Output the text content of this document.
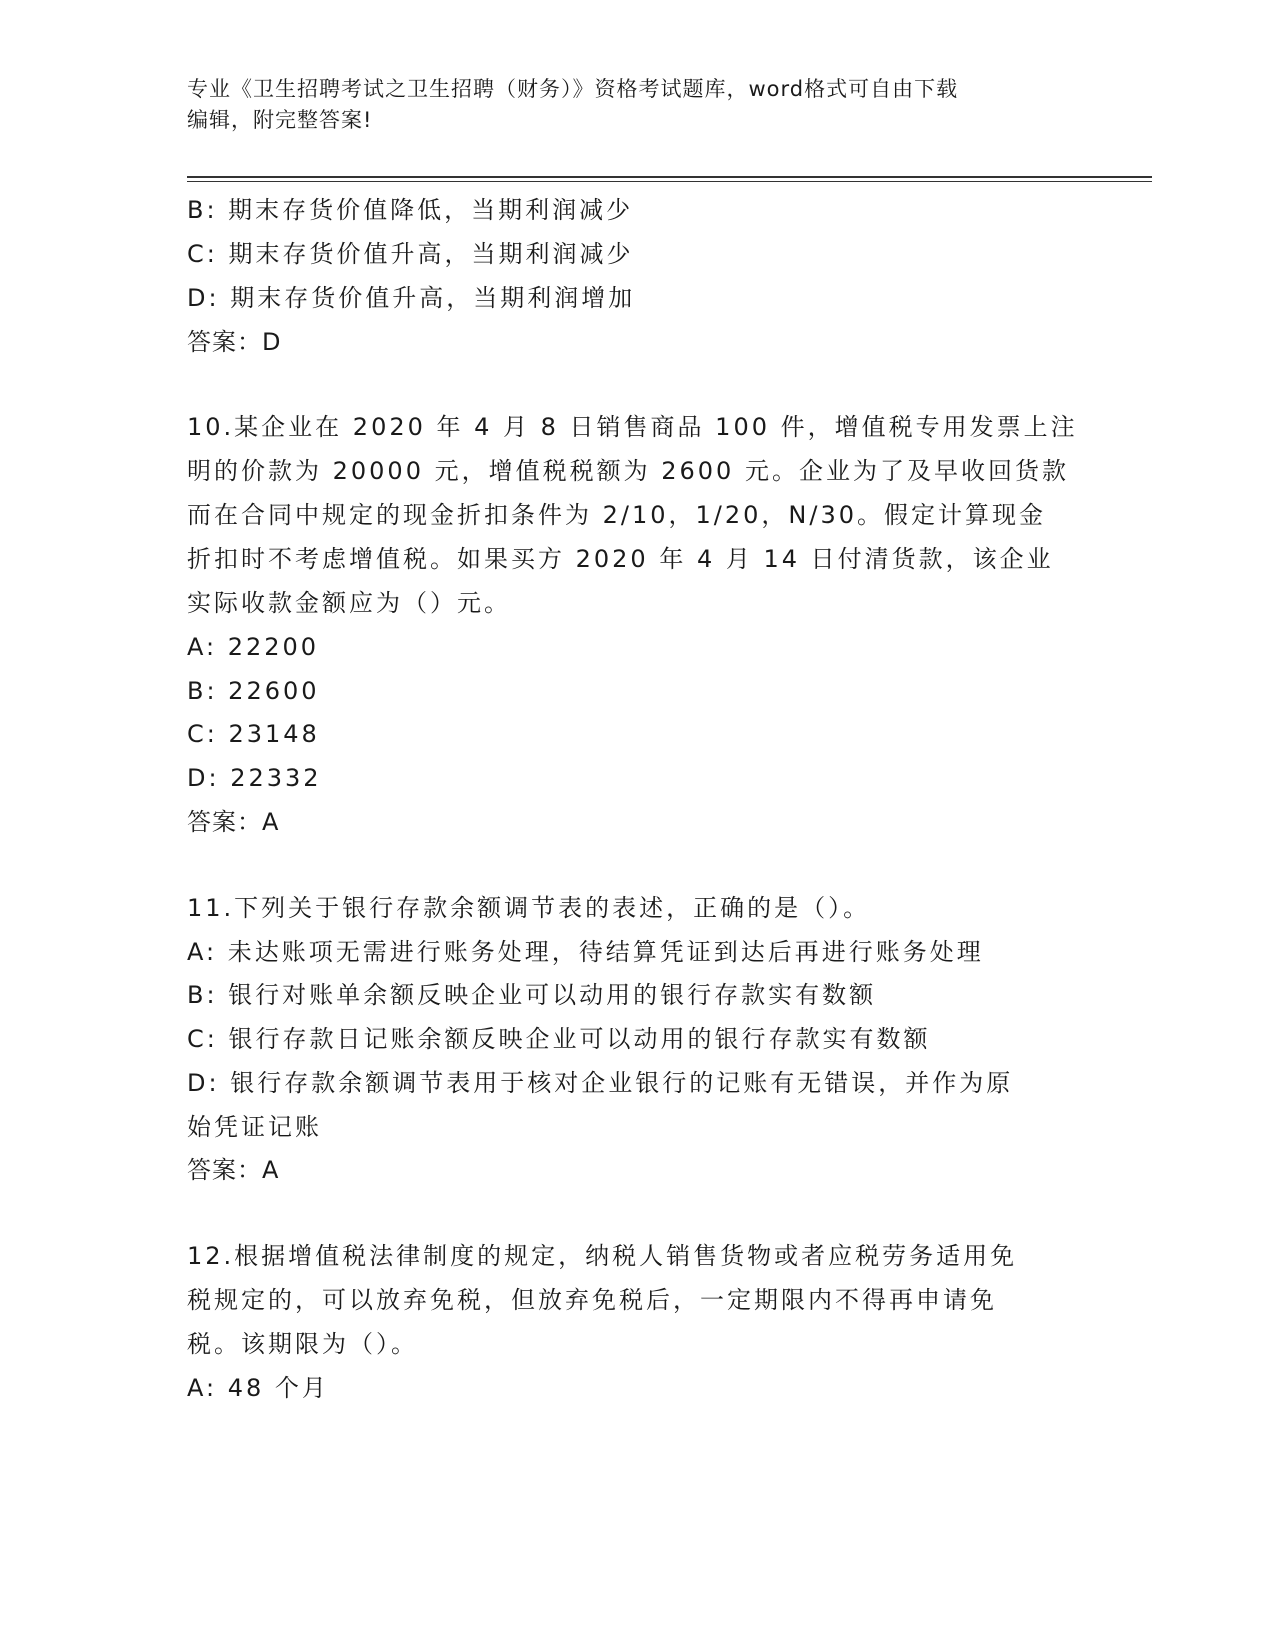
专业《卫生招聘考试之卫生招聘（财务）》资格考试题库，word格式可自由下载
编辑，附完整答案!
B: 期末存货价值降低，当期利润减少
C: 期末存货价值升高，当期利润减少
D: 期末存货价值升高，当期利润增加
答案：D
10.某企业在 2020 年 4 月 8 日销售商品 100 件，增值税专用发票上注
明的价款为 20000 元，增值税税额为 2600 元。企业为了及早收回货款
而在合同中规定的现金折扣条件为 2/10，1/20，N/30。假定计算现金
折扣时不考虑增值税。如果买方 2020 年 4 月 14 日付清货款，该企业
实际收款金额应为（）元。
A: 22200
B: 22600
C: 23148
D: 22332
答案：A
11.下列关于银行存款余额调节表的表述，正确的是（）。
A: 未达账项无需进行账务处理，待结算凭证到达后再进行账务处理
B: 银行对账单余额反映企业可以动用的银行存款实有数额
C: 银行存款日记账余额反映企业可以动用的银行存款实有数额
D: 银行存款余额调节表用于核对企业银行的记账有无错误，并作为原
始凭证记账
答案：A
12.根据增值税法律制度的规定，纳税人销售货物或者应税劳务适用免
税规定的，可以放弃免税，但放弃免税后，一定期限内不得再申请免
税。该期限为（）。
A: 48 个月
